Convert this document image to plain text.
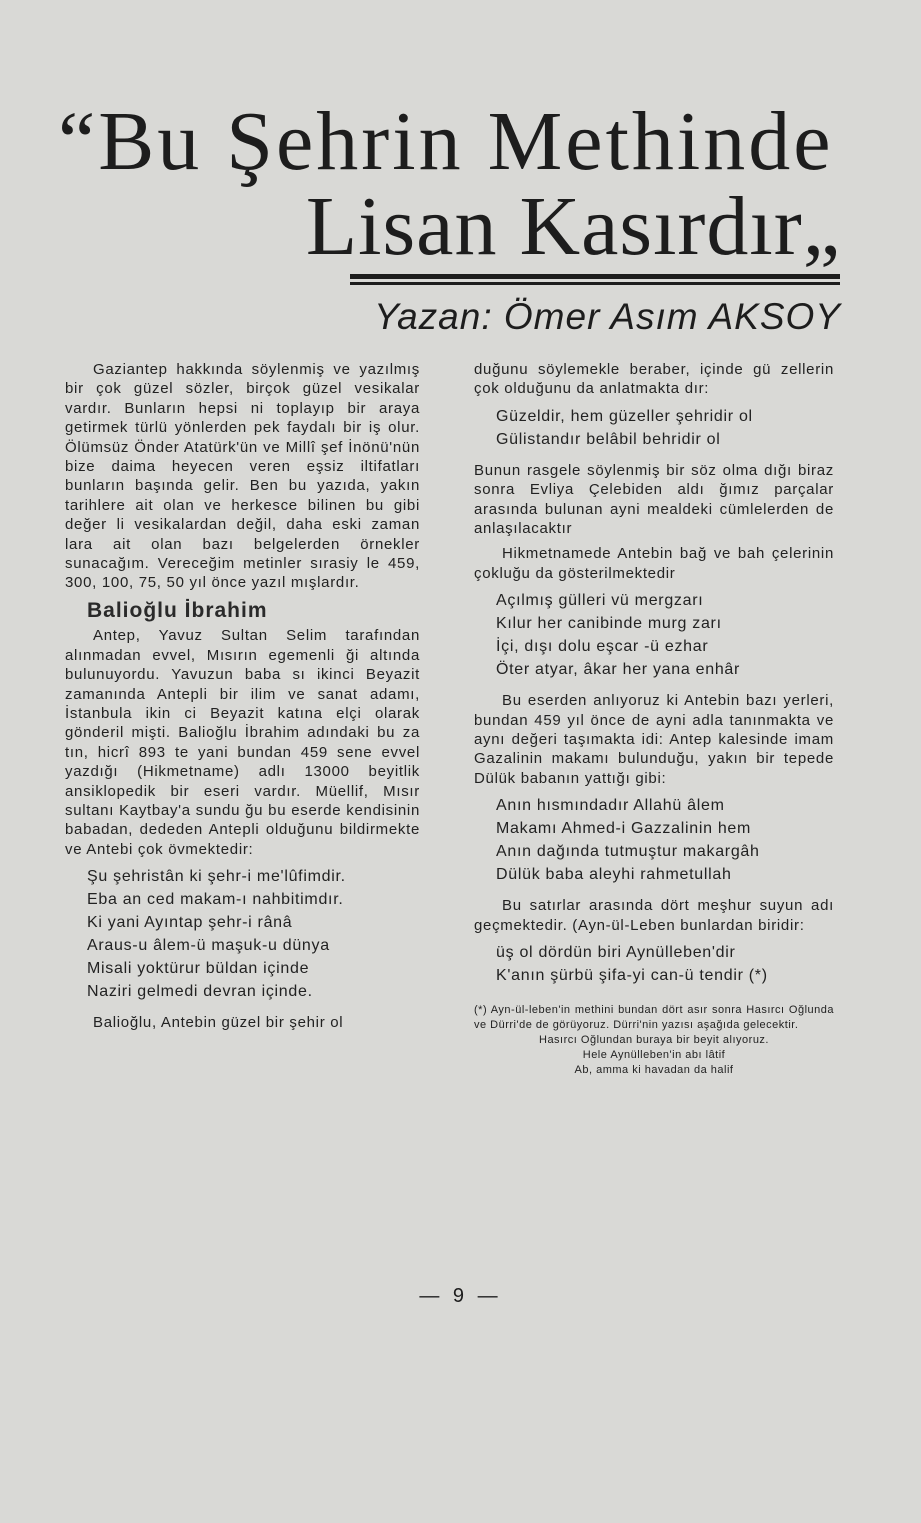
“Bu Şehrin Methinde
Lisan Kasırdır„
Yazan: Ömer Asım AKSOY

Gaziantep hakkında söylenmiş ve yazılmış bir çok güzel sözler, birçok güzel vesikalar vardır. Bunların hepsi ni toplayıp bir araya getirmek türlü yönlerden pek faydalı bir iş olur. Ölümsüz Önder Atatürk'ün ve Millî şef İnönü'nün bize daima heyecen veren eşsiz iltifatları bunların başında gelir. Ben bu yazıda, yakın tarihlere ait olan ve herkesce bilinen bu gibi değer li vesikalardan değil, daha eski zaman lara ait olan bazı belgelerden örnekler sunacağım. Vereceğim metinler sırasiy le 459, 300, 100, 75, 50 yıl önce yazıl mışlardır.

Balioğlu İbrahim

Antep, Yavuz Sultan Selim tarafından alınmadan evvel, Mısırın egemenli ği altında bulunuyordu. Yavuzun baba sı ikinci Beyazit zamanında Antepli bir ilim ve sanat adamı, İstanbula ikin ci Beyazit katına elçi olarak gönderil mişti. Balioğlu İbrahim adındaki bu za tın, hicrî 893 te yani bundan 459 sene evvel yazdığı (Hikmetname) adlı 13000 beyitlik ansiklopedik bir eseri vardır. Müellif, Mısır sultanı Kaytbay'a sundu ğu bu eserde kendisinin babadan, dededen Antepli olduğunu bildirmekte ve Antebi çok övmektedir:

Şu şehristân ki şehr-i me'lûfimdir.
Eba an ced makam-ı nahbitimdır.
Ki yani Ayıntap şehr-i rânâ
Araus-u âlem-ü maşuk-u dünya
Misali yoktürur büldan içinde
Naziri gelmedi devran içinde.

Balioğlu, Antebin güzel bir şehir ol

duğunu söylemekle beraber, içinde gü zellerin çok olduğunu da anlatmakta dır:

Güzeldir, hem güzeller şehridir ol
Gülistandır belâbil behridir ol

Bunun rasgele söylenmiş bir söz olma dığı biraz sonra Evliya Çelebiden aldı ğımız parçalar arasında bulunan ayni mealdeki cümlelerden de anlaşılacaktır

Hikmetnamede Antebin bağ ve bah çelerinin çokluğu da gösterilmektedir

Açılmış gülleri vü mergzarı
Kılur her canibinde murg zarı
İçi, dışı dolu eşcar -ü ezhar
Öter atyar, âkar her yana enhâr

Bu eserden anlıyoruz ki Antebin bazı yerleri, bundan 459 yıl önce de ayni adla tanınmakta ve aynı değeri taşımakta idi: Antep kalesinde imam Gazalinin makamı bulunduğu, yakın bir tepede Dülük babanın yattığı gibi:

Anın hısmındadır Allahü âlem
Makamı Ahmed-i Gazzalinin hem
Anın dağında tutmuştur makargâh
Dülük baba aleyhi rahmetullah

Bu satırlar arasında dört meşhur suyun adı geçmektedir. (Ayn-ül-Leben bunlardan biridir:

üş ol dördün biri Aynülleben'dir
K'anın şürbü şifa-yi can-ü tendir (*)

(*) Ayn-ül-leben'in methini bundan dört asır sonra Hasırcı Oğlunda ve Dürri'de de görüyoruz. Dürri'nin yazısı aşağıda gelecektir.

Hasırcı Oğlundan buraya bir beyit alıyoruz.

Hele Aynülleben'in abı lâtif

Ab, amma ki havadan da halif

— 9 —
